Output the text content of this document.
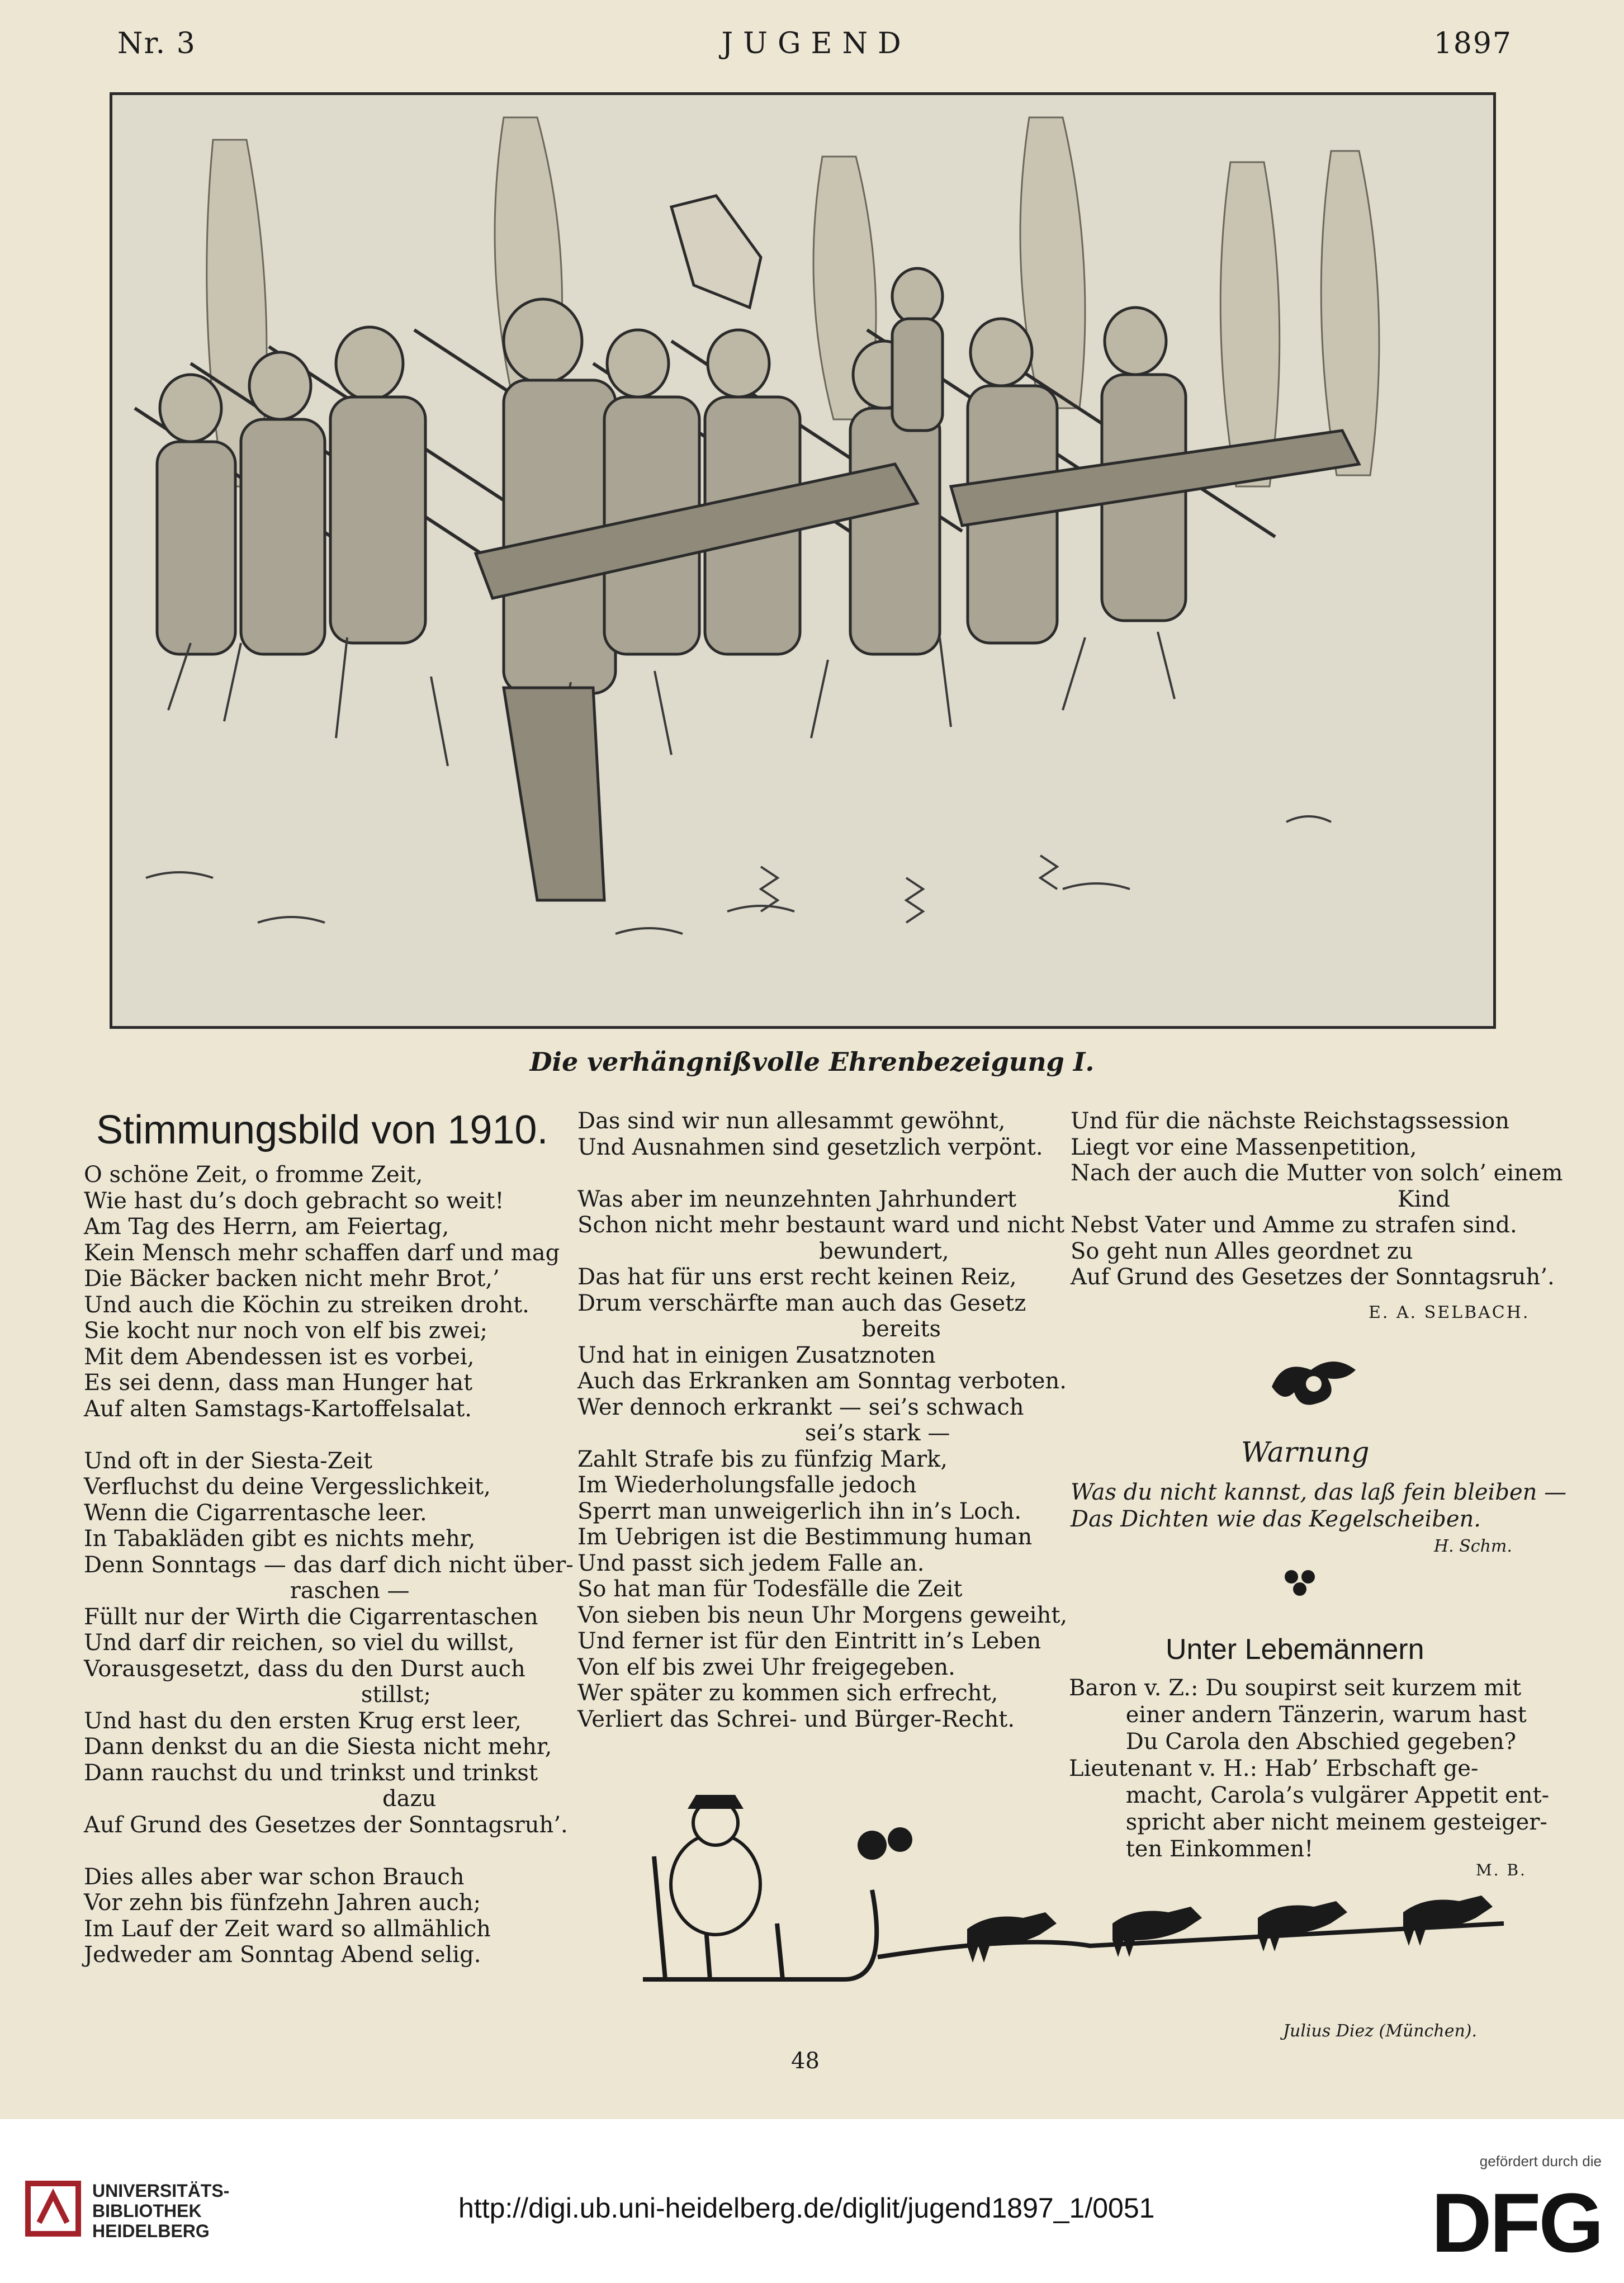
Nr. 3	JUGEND	1897
Die verhängnißvolle Ehrenbezeigung I.
Stimmungsbild von 1910.
O schöne Zeit, o fromme Zeit,
Wie hast du’s doch gebracht so weit!
Am Tag des Herrn, am Feiertag,
Kein Mensch mehr schaffen darf und mag
Die Bäcker backen nicht mehr Brot,’
Und auch die Köchin zu streiken droht.
Sie kocht nur noch von elf bis zwei;
Mit dem Abendessen ist es vorbei,
Es sei denn, dass man Hunger hat
Auf alten Samstags-Kartoffelsalat.

Und oft in der Siesta-Zeit
Verfluchst du deine Vergesslichkeit,
Wenn die Cigarrentasche leer.
In Tabakläden gibt es nichts mehr,
Denn Sonntags — das darf dich nicht über-
raschen —
Füllt nur der Wirth die Cigarrentaschen
Und darf dir reichen, so viel du willst,
Vorausgesetzt, dass du den Durst auch
stillst;
Und hast du den ersten Krug erst leer,
Dann denkst du an die Siesta nicht mehr,
Dann rauchst du und trinkst und trinkst
dazu
Auf Grund des Gesetzes der Sonntagsruh’.

Dies alles aber war schon Brauch
Vor zehn bis fünfzehn Jahren auch;
Im Lauf der Zeit ward so allmählich
Jedweder am Sonntag Abend selig.
Das sind wir nun allesammt gewöhnt,
Und Ausnahmen sind gesetzlich verpönt.

Was aber im neunzehnten Jahrhundert
Schon nicht mehr bestaunt ward und nicht
bewundert,
Das hat für uns erst recht keinen Reiz,
Drum verschärfte man auch das Gesetz
bereits
Und hat in einigen Zusatznoten
Auch das Erkranken am Sonntag verboten.
Wer dennoch erkrankt — sei’s schwach
sei’s stark —
Zahlt Strafe bis zu fünfzig Mark,
Im Wiederholungsfalle jedoch
Sperrt man unweigerlich ihn in’s Loch.
Im Uebrigen ist die Bestimmung human
Und passt sich jedem Falle an.
So hat man für Todesfälle die Zeit
Von sieben bis neun Uhr Morgens geweiht,
Und ferner ist für den Eintritt in’s Leben
Von elf bis zwei Uhr freigegeben.
Wer später zu kommen sich erfrecht,
Verliert das Schrei- und Bürger-Recht.
Und für die nächste Reichstagssession
Liegt vor eine Massenpetition,
Nach der auch die Mutter von solch’ einem
Kind
Nebst Vater und Amme zu strafen sind.
So geht nun Alles geordnet zu
Auf Grund des Gesetzes der Sonntagsruh’.
E. A. SELBACH.
Warnung
Was du nicht kannst, das laß fein bleiben —
Das Dichten wie das Kegelscheiben.
H. Schm.
Unter Lebemännern
Baron v. Z.: Du soupirst seit kurzem mit
einer andern Tänzerin, warum hast
Du Carola den Abschied gegeben?
Lieutenant v. H.: Hab’ Erbschaft ge-
macht, Carola’s vulgärer Appetit ent-
spricht aber nicht meinem gesteiger-
ten Einkommen!
M. B.
Julius Diez (München).
48
UNIVERSITÄTS-
BIBLIOTHEK
HEIDELBERG
http://digi.ub.uni-heidelberg.de/diglit/jugend1897_1/0051
gefördert durch die
DFG
